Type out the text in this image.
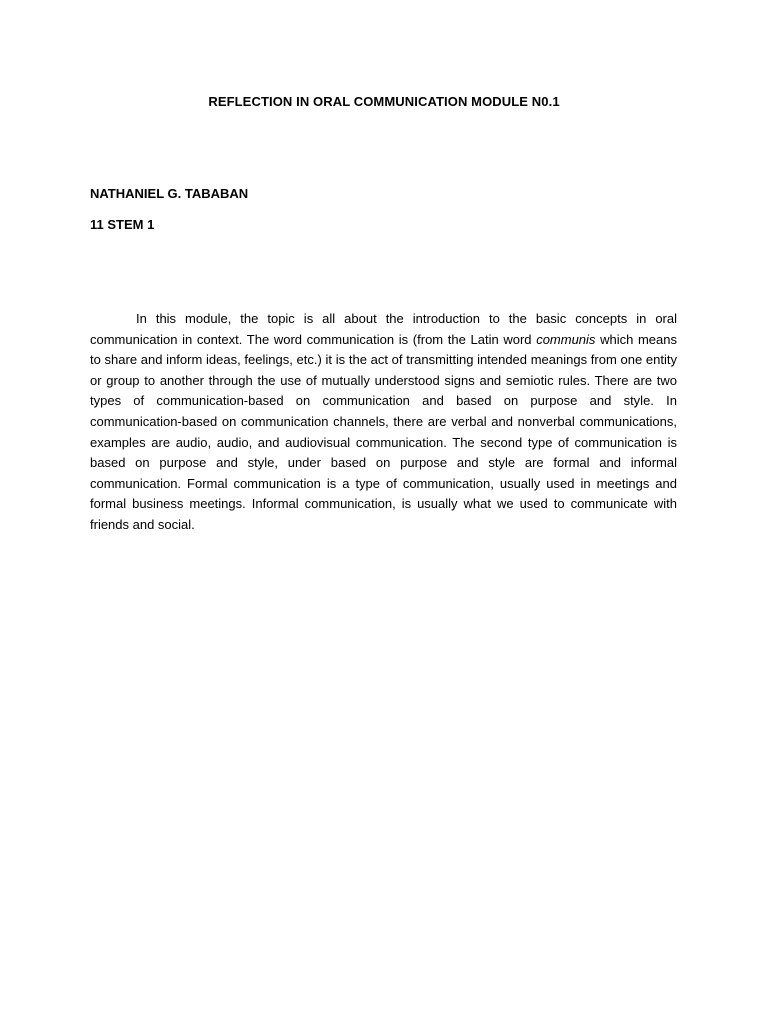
REFLECTION IN ORAL COMMUNICATION MODULE N0.1
NATHANIEL G. TABABAN
11 STEM 1

In this module, the topic is all about the introduction to the basic concepts in oral communication in context. The word communication is (from the Latin word communis which means to share and inform ideas, feelings, etc.) it is the act of transmitting intended meanings from one entity or group to another through the use of mutually understood signs and semiotic rules. There are two types of communication-based on communication and based on purpose and style. In communication-based on communication channels, there are verbal and nonverbal communications, examples are audio, audio, and audiovisual communication. The second type of communication is based on purpose and style, under based on purpose and style are formal and informal communication. Formal communication is a type of communication, usually used in meetings and formal business meetings. Informal communication, is usually what we used to communicate with friends and social.
